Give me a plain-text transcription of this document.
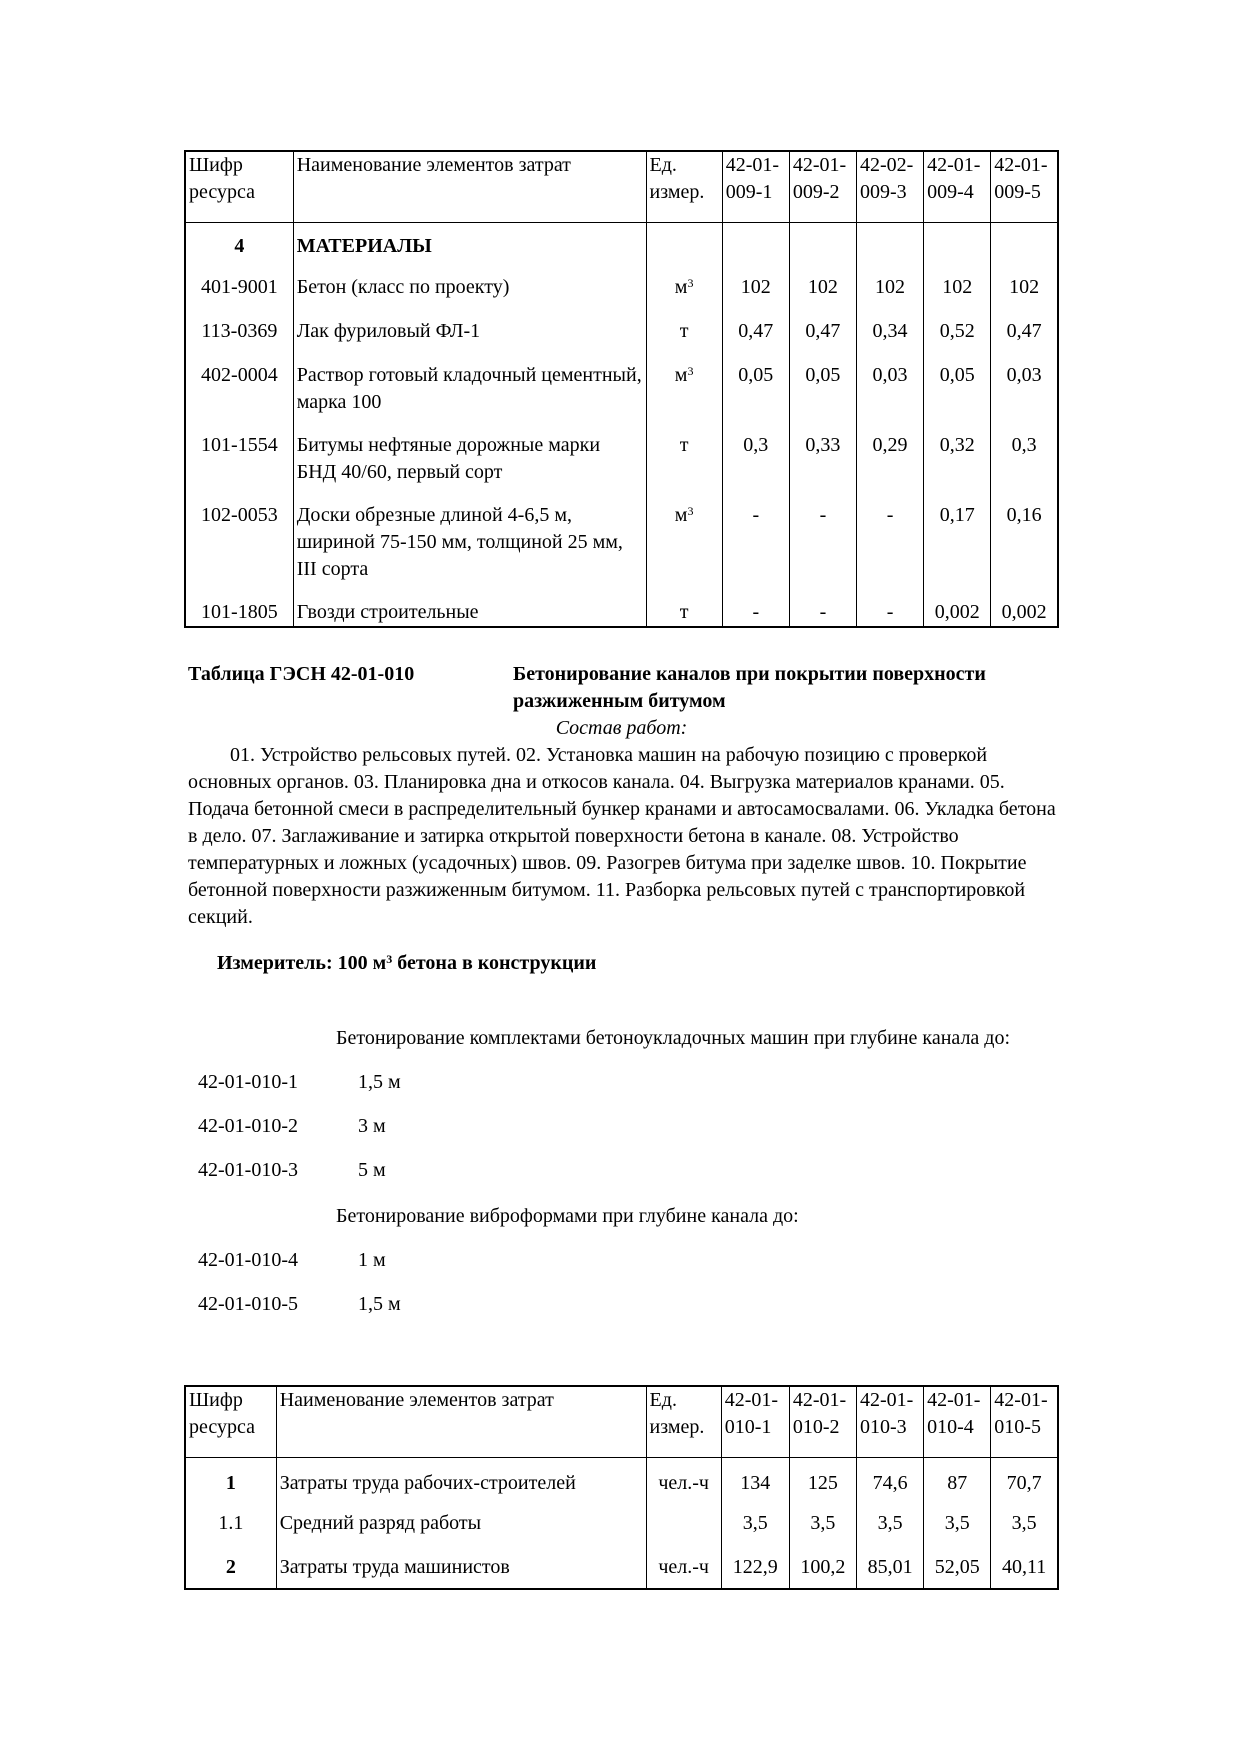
Шифр ресурса	Наименование элементов затрат	Ед. измер.	42-01-009-1	42-01-009-2	42-02-009-3	42-01-009-4	42-01-009-5
4	МАТЕРИАЛЫ						
401-9001	Бетон (класс по проекту)	$м^3$	102	102	102	102	102
113-0369	Лак фуриловый ФЛ-1	т	0,47	0,47	0,34	0,52	0,47
402-0004	Раствор готовый кладочный цементный, марка 100	$м^3$	0,05	0,05	0,03	0,05	0,03
101-1554	Битумы нефтяные дорожные марки БНД 40/60, первый сорт	т	0,3	0,33	0,29	0,32	0,3
102-0053	Доски обрезные длиной 4-6,5 м, шириной 75-150 мм, толщиной 25 мм, III сорта	$м^3$	-	-	-	0,17	0,16
101-1805	Гвозди строительные	т	-	-	-	0,002	0,002
Таблица ГЭСН 42-01-010	Бетонирование каналов при покрытии поверхности
разжиженным битумом
Состав работ:

01. Устройство рельсовых путей. 02. Установка машин на рабочую позицию с проверкой основных органов. 03. Планировка дна и откосов канала. 04. Выгрузка материалов кранами. 05. Подача бетонной смеси в распределительный бункер кранами и автосамосвалами. 06. Укладка бетона в дело. 07. Заглаживание и затирка открытой поверхности бетона в канале. 08. Устройство температурных и ложных (усадочных) швов. 09. Разогрев битума при заделке швов. 10. Покрытие бетонной поверхности разжиженным битумом. 11. Разборка рельсовых путей с транспортировкой секций.

Измеритель: 100 $м^3$ бетона в конструкции
Бетонирование комплектами бетоноукладочных машин при глубине канала до:
42-01-010-1	1,5 м
42-01-010-2	3 м
42-01-010-3	5 м
Бетонирование виброформами при глубине канала до:
42-01-010-4	1 м
42-01-010-5	1,5 м
Шифр ресурса	Наименование элементов затрат	Ед. измер.	42-01-010-1	42-01-010-2	42-01-010-3	42-01-010-4	42-01-010-5
1	Затраты труда рабочих-строителей	чел.-ч	134	125	74,6	87	70,7
1.1	Средний разряд работы		3,5	3,5	3,5	3,5	3,5
2	Затраты труда машинистов	чел.-ч	122,9	100,2	85,01	52,05	40,11
